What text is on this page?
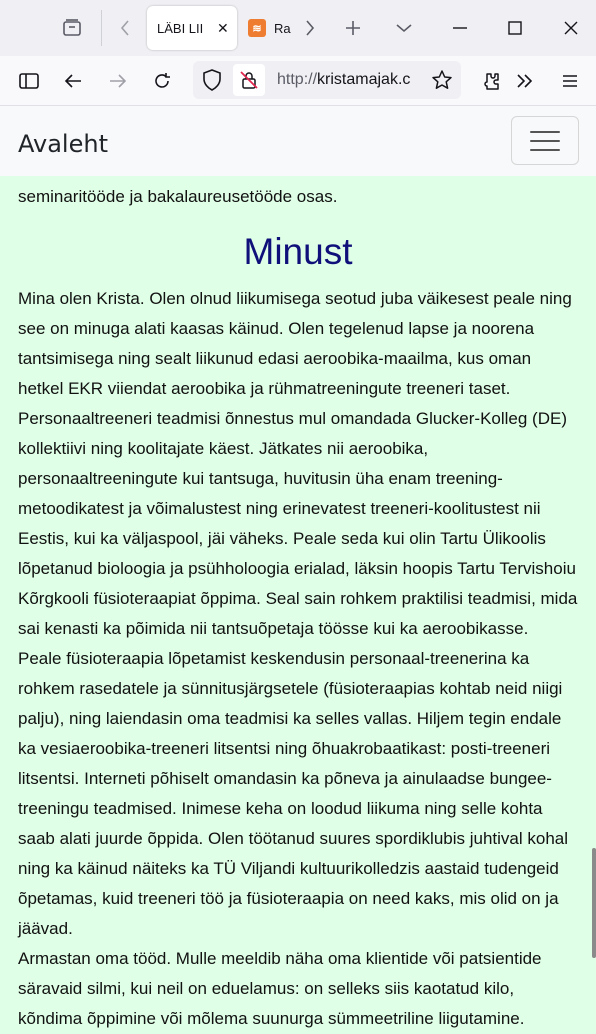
LÄBI LII ✕	≋ Ra
http://kristamajak.c
Avaleht

seminaritööde ja bakalaureusetööde osas.

Minust

Mina olen Krista. Olen olnud liikumisega seotud juba väikesest peale ning see on minuga alati kaasas käinud. Olen tegelenud lapse ja noorena tantsimisega ning sealt liikunud edasi aeroobika-maailma, kus oman hetkel EKR viiendat aeroobika ja rühmatreeningute treeneri taset. Personaaltreeneri teadmisi õnnestus mul omandada Glucker-Kolleg (DE) kollektiivi ning koolitajate käest. Jätkates nii aeroobika, personaaltreeningute kui tantsuga, huvitusin üha enam treening-metoodikatest ja võimalustest ning erinevatest treeneri-koolitustest nii Eestis, kui ka väljaspool, jäi väheks. Peale seda kui olin Tartu Ülikoolis lõpetanud bioloogia ja psühholoogia erialad, läksin hoopis Tartu Tervishoiu Kõrgkooli füsioteraapiat õppima. Seal sain rohkem praktilisi teadmisi, mida sai kenasti ka põimida nii tantsuõpetaja töösse kui ka aeroobikasse.

Peale füsioteraapia lõpetamist keskendusin personaal-treenerina ka rohkem rasedatele ja sünnitusjärgsetele (füsioteraapias kohtab neid niigi palju), ning laiendasin oma teadmisi ka selles vallas. Hiljem tegin endale ka vesiaeroobika-treeneri litsentsi ning õhuakrobaatikast: posti-treeneri litsentsi. Interneti põhiselt omandasin ka põneva ja ainulaadse bungee-treeningu teadmised. Inimese keha on loodud liikuma ning selle kohta saab alati juurde õppida. Olen töötanud suures spordiklubis juhtival kohal ning ka käinud näiteks ka TÜ Viljandi kultuurikolledzis aastaid tudengeid õpetamas, kuid treeneri töö ja füsioteraapia on need kaks, mis olid on ja jäävad.

Armastan oma tööd. Mulle meeldib näha oma klientide või patsientide säravaid silmi, kui neil on eduelamus: on selleks siis kaotatud kilo, kõndima õppimine või mõlema suunurga sümmeetriline liigutamine.
